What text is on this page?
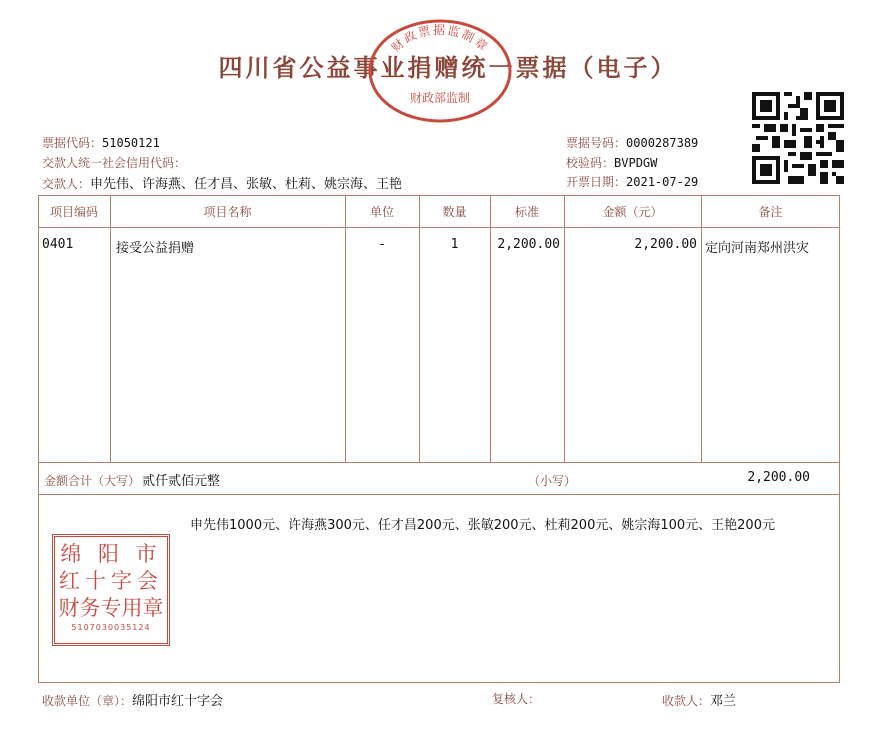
四川省公益事业捐赠统一票据（电子）
财政票据监制章
财政部监制
票据代码：51050121
交款人统一社会信用代码：
交款人：申先伟、许海燕、任才昌、张敏、杜莉、姚宗海、王艳
票据号码：0000287389
校验码：BVPDGW
开票日期：2021-07-29
项目编码	项目名称	单位	数量	标准	金额（元）	备注
0401	接受公益捐赠	-	1	2,200.00	2,200.00 定向河南郑州洪灾
金额合计（大写） 贰仟贰佰元整	（小写）	2,200.00
申先伟1000元、许海燕300元、任才昌200元、张敏200元、杜莉200元、姚宗海100元、王艳200元
绵 阳 市
红十字会
财务专用章
5107030035124
收款单位（章）：绵阳市红十字会	复核人：	收款人：邓兰
